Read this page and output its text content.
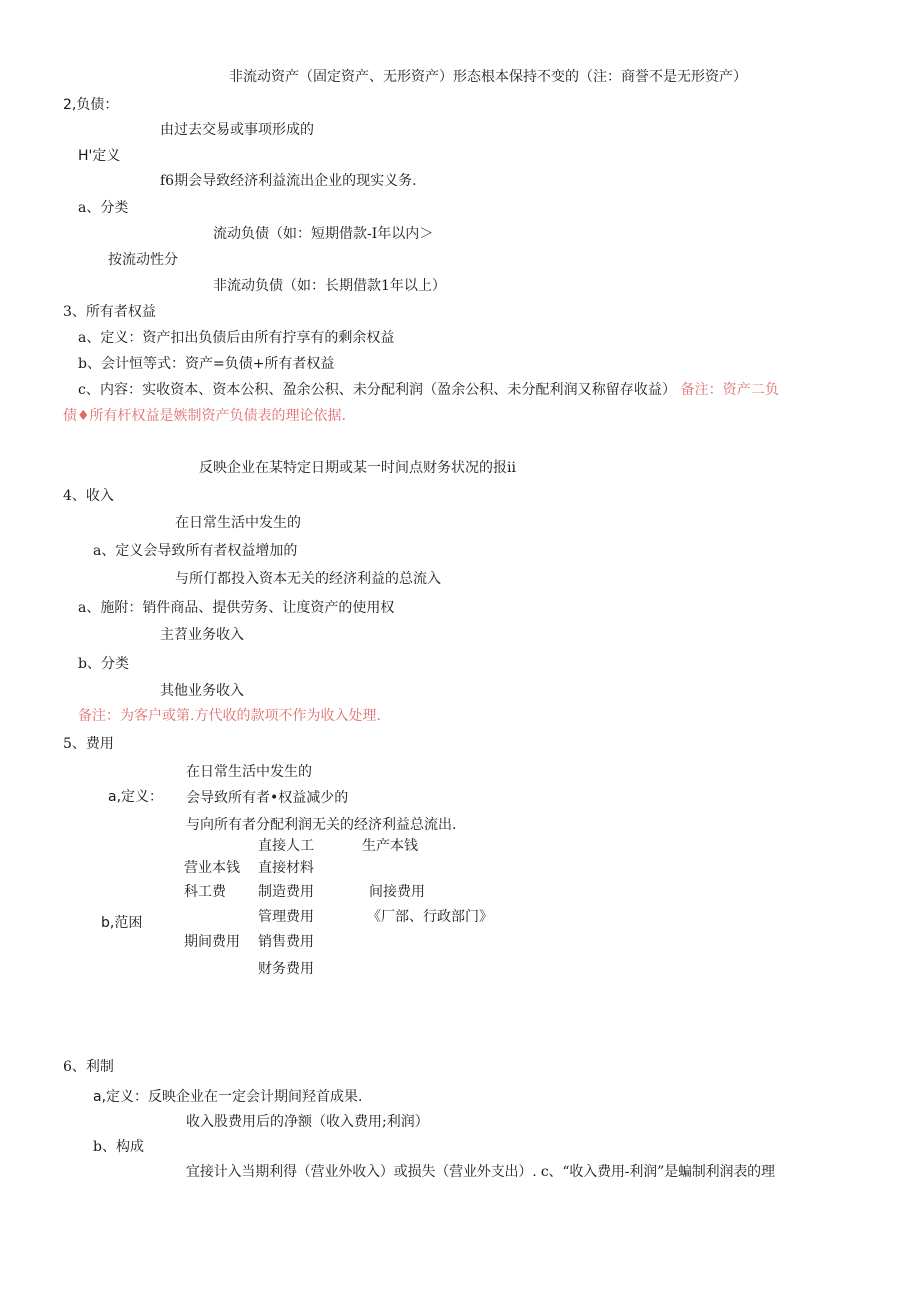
非流动资产（固定资产、无形资产）形态根本保持不变的（注：商誉不是无形资产）
2,负债：
由过去交易或事项形成的
H'定义
f6期会导致经济利益流出企业的现实义务.
a、分类
流动负债（如：短期借款-I年以内＞
按流动性分
非流动负债（如：长期借款1年以上）
3、所有者权益
a、定义：资产扣出负债后由所有拧享有的剩余权益
b、会计恒等式：资产=负债+所有者权益
c、内容：实收资本、资本公积、盈余公积、未分配利润（盈余公积、未分配利润又称留存收益） 备注：资产二负
债♦所有杆权益是嫉制资产负债表的理论依据.
反映企业在某特定日期或某一时间点财务状况的报ii
4、收入
在日常生活中发生的
a、定义会导致所有者权益增加的
与所仃都投入资本无关的经济利益的总流入
a、施附：销件商品、提供劳务、让度资产的使用权
主苕业务收入
b、分类
其他业务收入
备注：为客户或第.方代收的款项不作为收入处理.
5、费用
在日常生活中发生的
a,定义： 会导致所有者•权益减少的
与向所有者分配利润无关的经济利益总流出.
直接人工	生产本钱
营业本钱 直接材料
科工费 制造费用	间接费用
b,范困	管理费用	《厂部、行政部门》
期间费用 销售费用
财务费用
6、利制
a,定义：反映企业在一定会计期间羟首成果.
收入股费用后的净额（收入费用;利润）
b、构成
宜接计入当期利得（营业外收入）或损失（营业外支出）. c、“收入费用-利润”是蝙制利润表的理
